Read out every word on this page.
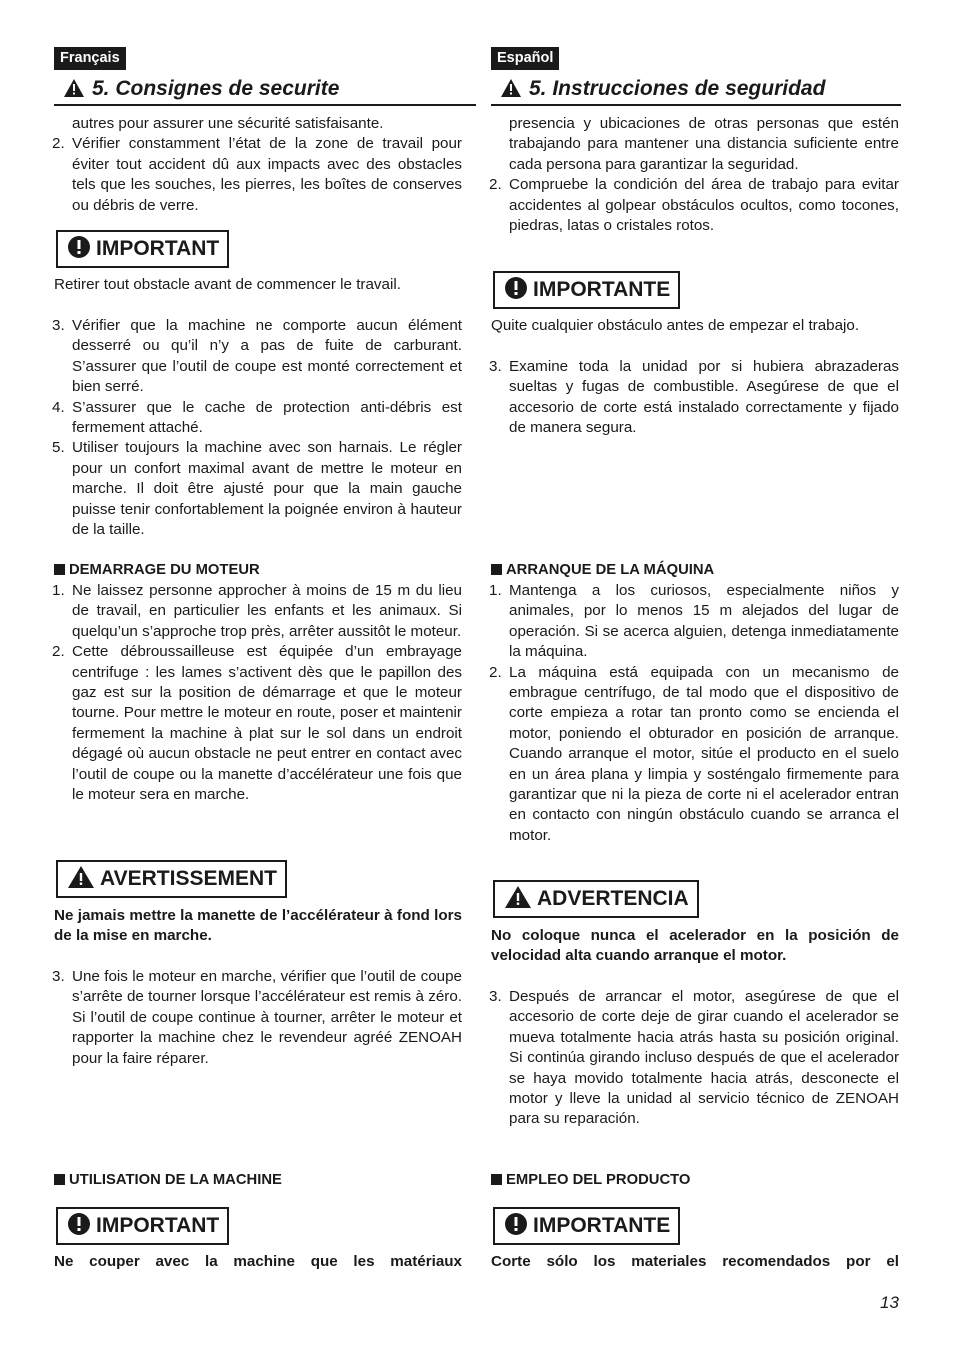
Français
5. Consignes de securite

autres pour assurer une sécurité satisfaisante.

2. Vérifier constamment l’état de la zone de travail pour éviter tout accident dû aux impacts avec des obstacles tels que les souches, les pierres, les boîtes de conserves ou débris de verre.

IMPORTANT

Retirer tout obstacle avant de commencer le travail.

3. Vérifier que la machine ne comporte aucun élément desserré ou qu’il n’y a pas de fuite de carburant. S’assurer que l’outil de coupe est monté correctement et bien serré.

4. S’assurer que le cache de protection anti-débris est fermement attaché.

5. Utiliser toujours la machine avec son harnais. Le régler pour un confort maximal avant de mettre le moteur en marche. Il doit être ajusté pour que la main gauche puisse tenir confortablement la poignée environ à hauteur de la taille.

DEMARRAGE DU MOTEUR

1. Ne laissez personne approcher à moins de 15 m du lieu de travail, en particulier les enfants et les animaux. Si quelqu’un s’approche trop près, arrêter aussitôt le moteur.

2. Cette débroussailleuse est équipée d’un embrayage centrifuge : les lames s’activent dès que le papillon des gaz est sur la position de démarrage et que le moteur tourne. Pour mettre le moteur en route, poser et maintenir fermement la machine à plat sur le sol dans un endroit dégagé où aucun obstacle ne peut entrer en contact avec l’outil de coupe ou la manette d’accélérateur une fois que le moteur sera en marche.

AVERTISSEMENT

Ne jamais mettre la manette de l’accélérateur à fond lors de la mise en marche.

3. Une fois le moteur en marche, vérifier que l’outil de coupe s’arrête de tourner lorsque l’accélérateur est remis à zéro. Si l’outil de coupe continue à tourner, arrêter le moteur et rapporter la machine chez le revendeur agréé ZENOAH pour la faire réparer.

UTILISATION DE LA MACHINE
IMPORTANT

Ne couper avec la machine que les matériaux

Español
5. Instrucciones de seguridad

presencia y ubicaciones de otras personas que estén trabajando para mantener una distancia suficiente entre cada persona para garantizar la seguridad.

2. Compruebe la condición del área de trabajo para evitar accidentes al golpear obstáculos ocultos, como tocones, piedras, latas o cristales rotos.

IMPORTANTE

Quite cualquier obstáculo antes de empezar el trabajo.

3. Examine toda la unidad por si hubiera abrazaderas sueltas y fugas de combustible. Asegúrese de que el accesorio de corte está instalado correctamente y fijado de manera segura.

ARRANQUE DE LA MÁQUINA

1. Mantenga a los curiosos, especialmente niños y animales, por lo menos 15 m alejados del lugar de operación. Si se acerca alguien, detenga inmediatamente la máquina.

2. La máquina está equipada con un mecanismo de embrague centrífugo, de tal modo que el dispositivo de corte empieza a rotar tan pronto como se encienda el motor, poniendo el obturador en posición de arranque. Cuando arranque el motor, sitúe el producto en el suelo en un área plana y limpia y sosténgalo firmemente para garantizar que ni la pieza de corte ni el acelerador entran en contacto con ningún obstáculo cuando se arranca el motor.

ADVERTENCIA

No coloque nunca el acelerador en la posición de velocidad alta cuando arranque el motor.

3. Después de arrancar el motor, asegúrese de que el accesorio de corte deje de girar cuando el acelerador se mueva totalmente hacia atrás hasta su posición original. Si continúa girando incluso después de que el acelerador se haya movido totalmente hacia atrás, desconecte el motor y lleve la unidad al servicio técnico de ZENOAH para su reparación.

EMPLEO DEL PRODUCTO
IMPORTANTE

Corte sólo los materiales recomendados por el

13
